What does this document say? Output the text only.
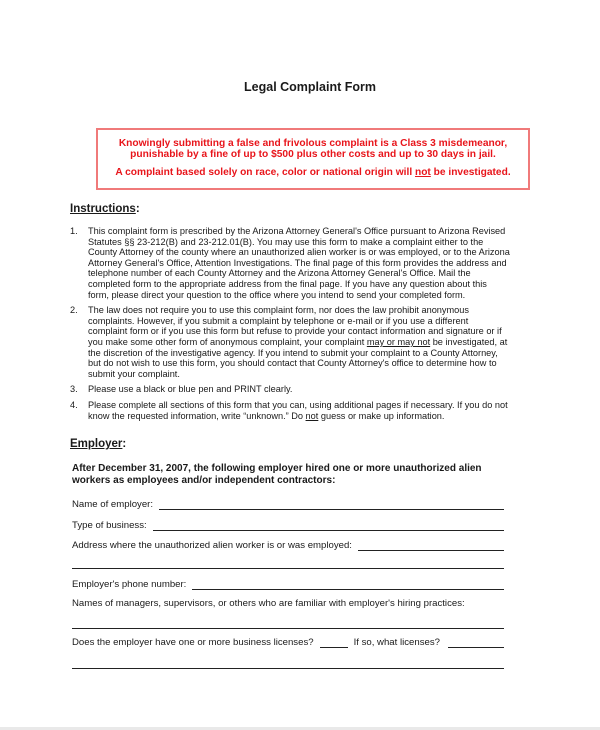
Legal Complaint Form
Knowingly submitting a false and frivolous complaint is a Class 3 misdemeanor,
punishable by a fine of up to $500 plus other costs and up to 30 days in jail.
A complaint based solely on race, color or national origin will not be investigated.
Instructions:
1.	This complaint form is prescribed by the Arizona Attorney General's Office pursuant to Arizona Revised Statutes §§ 23-212(B) and 23-212.01(B). You may use this form to make a complaint either to the County Attorney of the county where an unauthorized alien worker is or was employed, or to the Arizona Attorney General's Office, Attention Investigations. The final page of this form provides the address and telephone number of each County Attorney and the Arizona Attorney General's Office. Mail the completed form to the appropriate address from the final page. If you have any question about this form, please direct your question to the office where you intend to send your completed form.
2.	The law does not require you to use this complaint form, nor does the law prohibit anonymous complaints. However, if you submit a complaint by telephone or e-mail or if you use a different complaint form or if you use this form but refuse to provide your contact information and signature or if you make some other form of anonymous complaint, your complaint may or may not be investigated, at the discretion of the investigative agency. If you intend to submit your complaint to a County Attorney, but do not wish to use this form, you should contact that County Attorney's office to determine how to submit your complaint.
3.	Please use a black or blue pen and PRINT clearly.
4.	Please complete all sections of this form that you can, using additional pages if necessary. If you do not know the requested information, write “unknown.” Do not guess or make up information.
Employer:
After December 31, 2007, the following employer hired one or more unauthorized alien workers as employees and/or independent contractors:
Name of employer:
Type of business:
Address where the unauthorized alien worker is or was employed:
Employer's phone number:
Names of managers, supervisors, or others who are familiar with employer's hiring practices:
Does the employer have one or more business licenses?	If so, what licenses?
